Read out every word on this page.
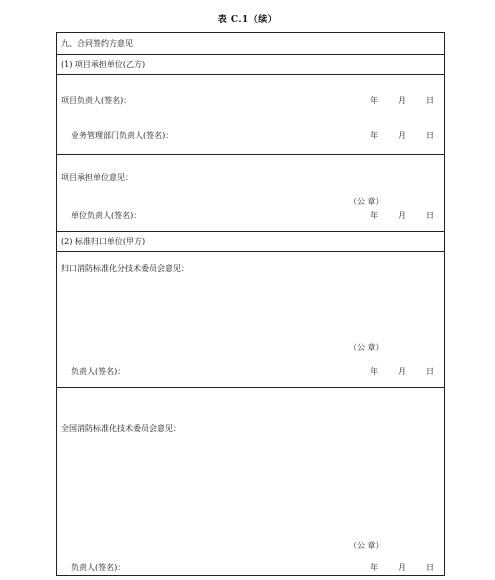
表 C.1（续）
九、合同签约方意见
(1) 项目承担单位(乙方)
项目负责人(签名)：	年	月	日
业务管理部门负责人(签名)：	年	月	日
项目承担单位意见：
（公 章）
单位负责人(签名)：	年	月	日
(2) 标准归口单位(甲方)
归口消防标准化分技术委员会意见：
（公 章）
负责人(签名)：	年	月	日
全国消防标准化技术委员会意见：
（公 章）
负责人(签名)：	年	月	日
